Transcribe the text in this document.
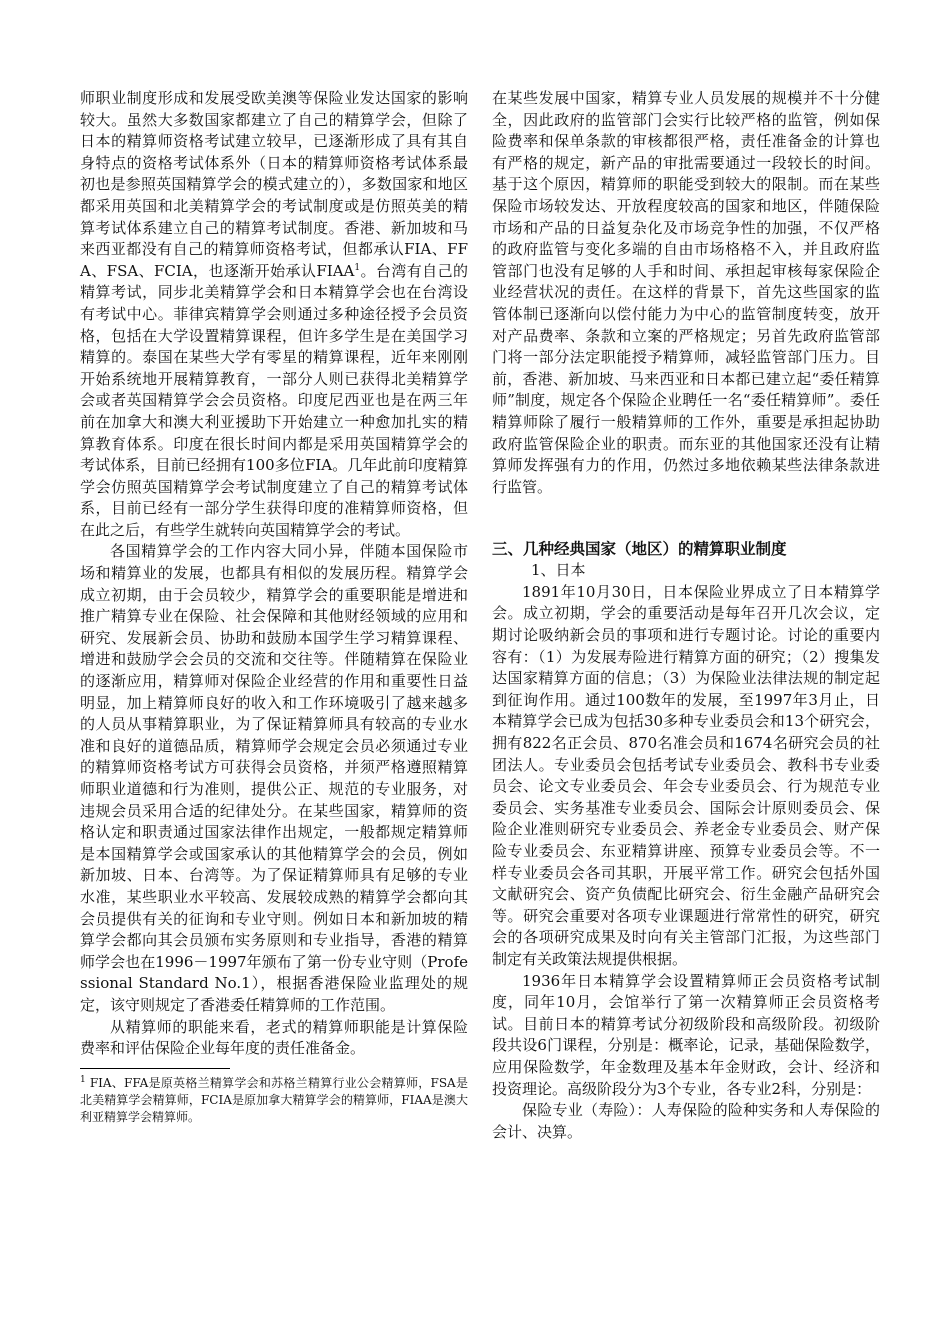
师职业制度形成和发展受欧美澳等保险业发达国家的影响较大。虽然大多数国家都建立了自己的精算学会，但除了日本的精算师资格考试建立较早，已逐渐形成了具有其自身特点的资格考试体系外（日本的精算师资格考试体系最初也是参照英国精算学会的模式建立的），多数国家和地区都采用英国和北美精算学会的考试制度或是仿照英美的精算考试体系建立自己的精算考试制度。香港、新加坡和马来西亚都没有自己的精算师资格考试，但都承认FIA、FFA、FSA、FCIA，也逐渐开始承认FIAA$^1$。台湾有自己的精算考试，同步北美精算学会和日本精算学会也在台湾设有考试中心。菲律宾精算学会则通过多种途径授予会员资格，包括在大学设置精算课程，但许多学生是在美国学习精算的。泰国在某些大学有零星的精算课程，近年来刚刚开始系统地开展精算教育，一部分人则已获得北美精算学会或者英国精算学会会员资格。印度尼西亚也是在两三年前在加拿大和澳大利亚援助下开始建立一种愈加扎实的精算教育体系。印度在很长时间内都是采用英国精算学会的考试体系，目前已经拥有100多位FIA。几年此前印度精算学会仿照英国精算学会考试制度建立了自己的精算考试体系，目前已经有一部分学生获得印度的准精算师资格，但在此之后，有些学生就转向英国精算学会的考试。

各国精算学会的工作内容大同小异，伴随本国保险市场和精算业的发展，也都具有相似的发展历程。精算学会成立初期，由于会员较少，精算学会的重要职能是增进和推广精算专业在保险、社会保障和其他财经领域的应用和研究、发展新会员、协助和鼓励本国学生学习精算课程、增进和鼓励学会会员的交流和交往等。伴随精算在保险业的逐渐应用，精算师对保险企业经营的作用和重要性日益明显，加上精算师良好的收入和工作环境吸引了越来越多的人员从事精算职业，为了保证精算师具有较高的专业水准和良好的道德品质，精算师学会规定会员必须通过专业的精算师资格考试方可获得会员资格，并须严格遵照精算师职业道德和行为准则，提供公正、规范的专业服务，对违规会员采用合适的纪律处分。在某些国家，精算师的资格认定和职责通过国家法律作出规定，一般都规定精算师是本国精算学会或国家承认的其他精算学会的会员，例如新加坡、日本、台湾等。为了保证精算师具有足够的专业水准，某些职业水平较高、发展较成熟的精算学会都向其会员提供有关的征询和专业守则。例如日本和新加坡的精算学会都向其会员颁布实务原则和专业指导，香港的精算师学会也在1996－1997年颁布了第一份专业守则（Professional Standard No.1），根据香港保险业监理处的规定，该守则规定了香港委任精算师的工作范围。

从精算师的职能来看，老式的精算师职能是计算保险费率和评估保险企业每年度的责任准备金。

$^1$ FIA、FFA是原英格兰精算学会和苏格兰精算行业公会精算师，FSA是北美精算学会精算师，FCIA是原加拿大精算学会的精算师，FIAA是澳大利亚精算学会精算师。

在某些发展中国家，精算专业人员发展的规模并不十分健全，因此政府的监管部门会实行比较严格的监管，例如保险费率和保单条款的审核都很严格，责任准备金的计算也有严格的规定，新产品的审批需要通过一段较长的时间。基于这个原因，精算师的职能受到较大的限制。而在某些保险市场较发达、开放程度较高的国家和地区，伴随保险市场和产品的日益复杂化及市场竞争性的加强，不仅严格的政府监管与变化多端的自由市场格格不入，并且政府监管部门也没有足够的人手和时间、承担起审核每家保险企业经营状况的责任。在这样的背景下，首先这些国家的监管体制已逐渐向以偿付能力为中心的监管制度转变，放开对产品费率、条款和立案的严格规定；另首先政府监管部门将一部分法定职能授予精算师，减轻监管部门压力。目前，香港、新加坡、马来西亚和日本都已建立起“委任精算师”制度，规定各个保险企业聘任一名“委任精算师”。委任精算师除了履行一般精算师的工作外，重要是承担起协助政府监管保险企业的职责。而东亚的其他国家还没有让精算师发挥强有力的作用，仍然过多地依赖某些法律条款进行监管。

三、几种经典国家（地区）的精算职业制度

1、日本

1891年10月30日，日本保险业界成立了日本精算学会。成立初期，学会的重要活动是每年召开几次会议，定期讨论吸纳新会员的事项和进行专题讨论。讨论的重要内容有：（1）为发展寿险进行精算方面的研究；（2）搜集发达国家精算方面的信息；（3）为保险业法律法规的制定起到征询作用。通过100数年的发展，至1997年3月止，日本精算学会已成为包括30多种专业委员会和13个研究会，拥有822名正会员、870名准会员和1674名研究会员的社团法人。专业委员会包括考试专业委员会、教科书专业委员会、论文专业委员会、年会专业委员会、行为规范专业委员会、实务基准专业委员会、国际会计原则委员会、保险企业准则研究专业委员会、养老金专业委员会、财产保险专业委员会、东亚精算讲座、预算专业委员会等。不一样专业委员会各司其职，开展平常工作。研究会包括外国文献研究会、资产负债配比研究会、衍生金融产品研究会等。研究会重要对各项专业课题进行常常性的研究，研究会的各项研究成果及时向有关主管部门汇报，为这些部门制定有关政策法规提供根据。

1936年日本精算学会设置精算师正会员资格考试制度，同年10月，会馆举行了第一次精算师正会员资格考试。目前日本的精算考试分初级阶段和高级阶段。初级阶段共设6门课程，分别是：概率论，记录，基础保险数学，应用保险数学，年金数理及基本年金财政，会计、经济和投资理论。高级阶段分为3个专业，各专业2科，分别是：

保险专业（寿险）：人寿保险的险种实务和人寿保险的会计、决算。
